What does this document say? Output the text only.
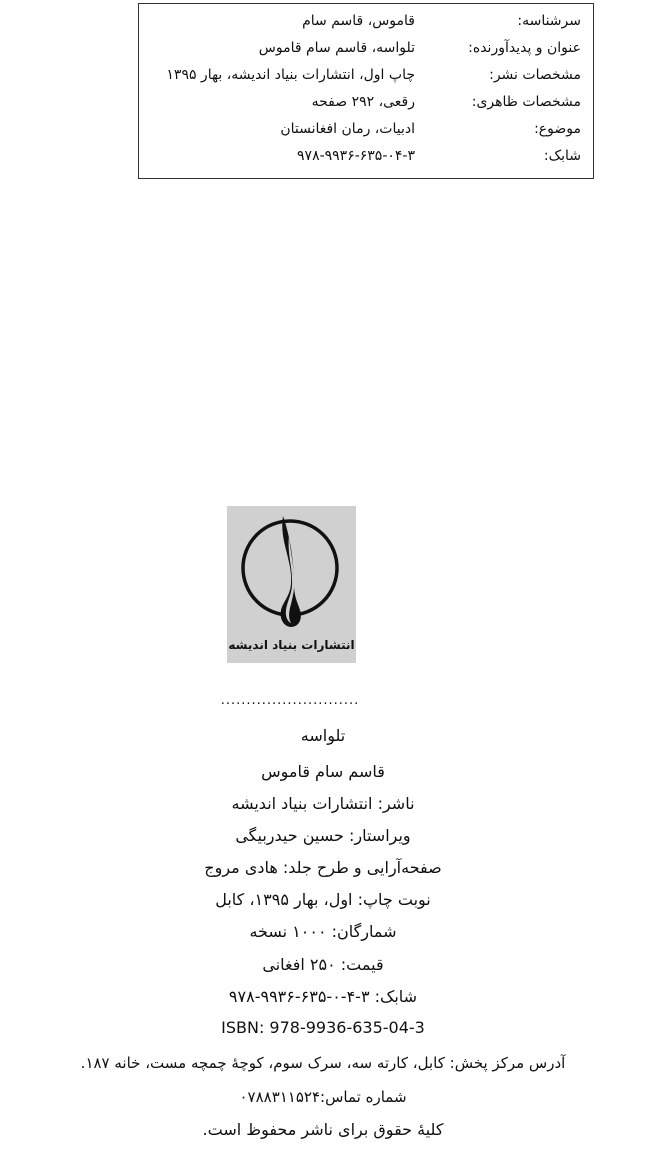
سرشناسه:
قاموس، قاسم سام
عنوان و پدیدآورنده:
تلواسه، قاسم سام قاموس
مشخصات نشر:
چاپ اول، انتشارات بنیاد اندیشه، بهار ۱۳۹۵
مشخصات ظاهری:
رقعی، ۲۹۲ صفحه
موضوع:
ادبیات، رمان افغانستان
شابک:
۹۷۸-۹۹۳۶-۶۳۵-۰۴-۳
انتشارات بنیاد اندیشه
...........................
تلواسه
قاسم سام قاموس
ناشر: انتشارات بنیاد اندیشه
ویراستار: حسین حیدربیگی
صفحه‌آرایی و طرح جلد: هادی مروج
نوبت چاپ: اول، بهار ۱۳۹۵، کابل
شمارگان: ۱۰۰۰ نسخه
قیمت: ۲۵۰ افغانی
شابک: ۳-۴-۰-۶۳۵-۹۹۳۶-۹۷۸
ISBN: 978-9936-635-04-3
آدرس مرکز پخش: کابل، کارته سه، سرک سوم، کوچهٔ چمچه مست، خانه ۱۸۷.
شماره تماس:۰۷۸۸۳۱۱۵۲۴
کلیهٔ حقوق برای ناشر محفوظ است.
